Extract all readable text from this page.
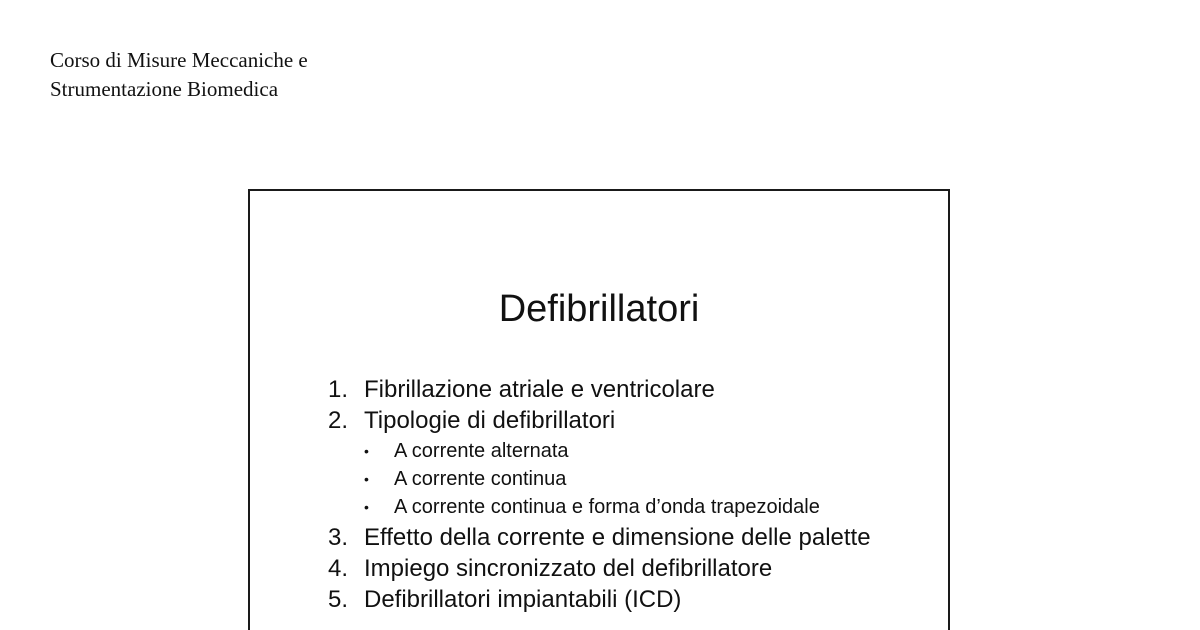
Corso di Misure Meccaniche e
Strumentazione Biomedica
Defibrillatori
1. Fibrillazione atriale e ventricolare
2. Tipologie di defibrillatori
•	A corrente alternata
•	A corrente continua
•	A corrente continua e forma d’onda trapezoidale
3. Effetto della corrente e dimensione delle palette
4. Impiego sincronizzato del defibrillatore
5. Defibrillatori impiantabili (ICD)
